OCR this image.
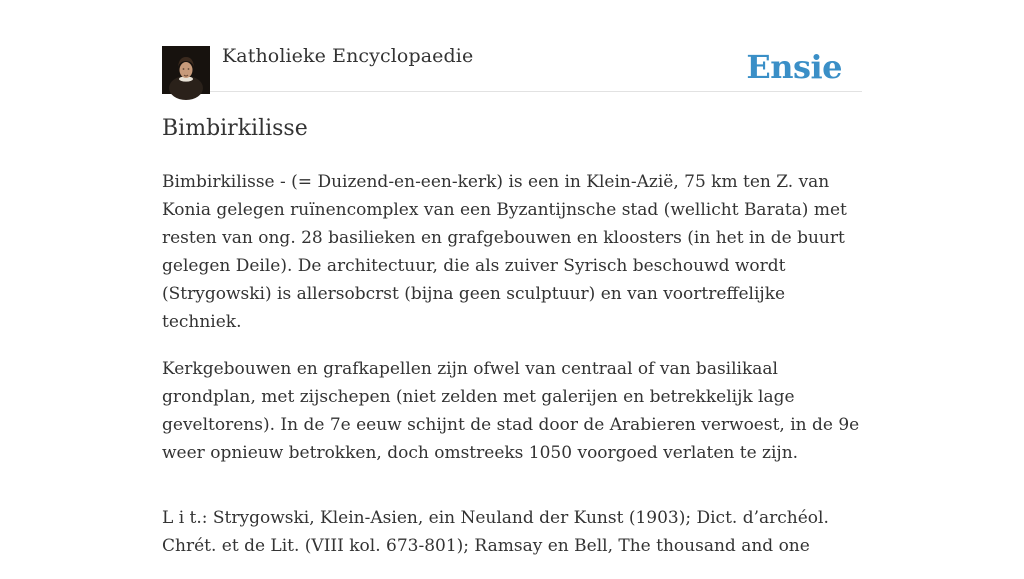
Katholieke Encyclopaedie	Ensie
Bimbirkilisse

Bimbirkilisse - (= Duizend-en-een-kerk) is een in Klein-Azië, 75 km ten Z. van Konia gelegen ruïnencomplex van een Byzantijnsche stad (wellicht Barata) met resten van ong. 28 basilieken en grafgebouwen en kloosters (in het in de buurt gelegen Deile). De architectuur, die als zuiver Syrisch beschouwd wordt (Strygowski) is allersobcrst (bijna geen sculptuur) en van voortreffelijke techniek.

Kerkgebouwen en grafkapellen zijn ofwel van centraal of van basilikaal grondplan, met zijschepen (niet zelden met galerijen en betrekkelijk lage geveltorens). In de 7e eeuw schijnt de stad door de Arabieren verwoest, in de 9e weer opnieuw betrokken, doch omstreeks 1050 voorgoed verlaten te zijn.

L i t.: Strygowski, Klein-Asien, ein Neuland der Kunst (1903); Dict. d’archéol. Chrét. et de Lit. (VIII kol. 673-801); Ramsay en Bell, The thousand and one
